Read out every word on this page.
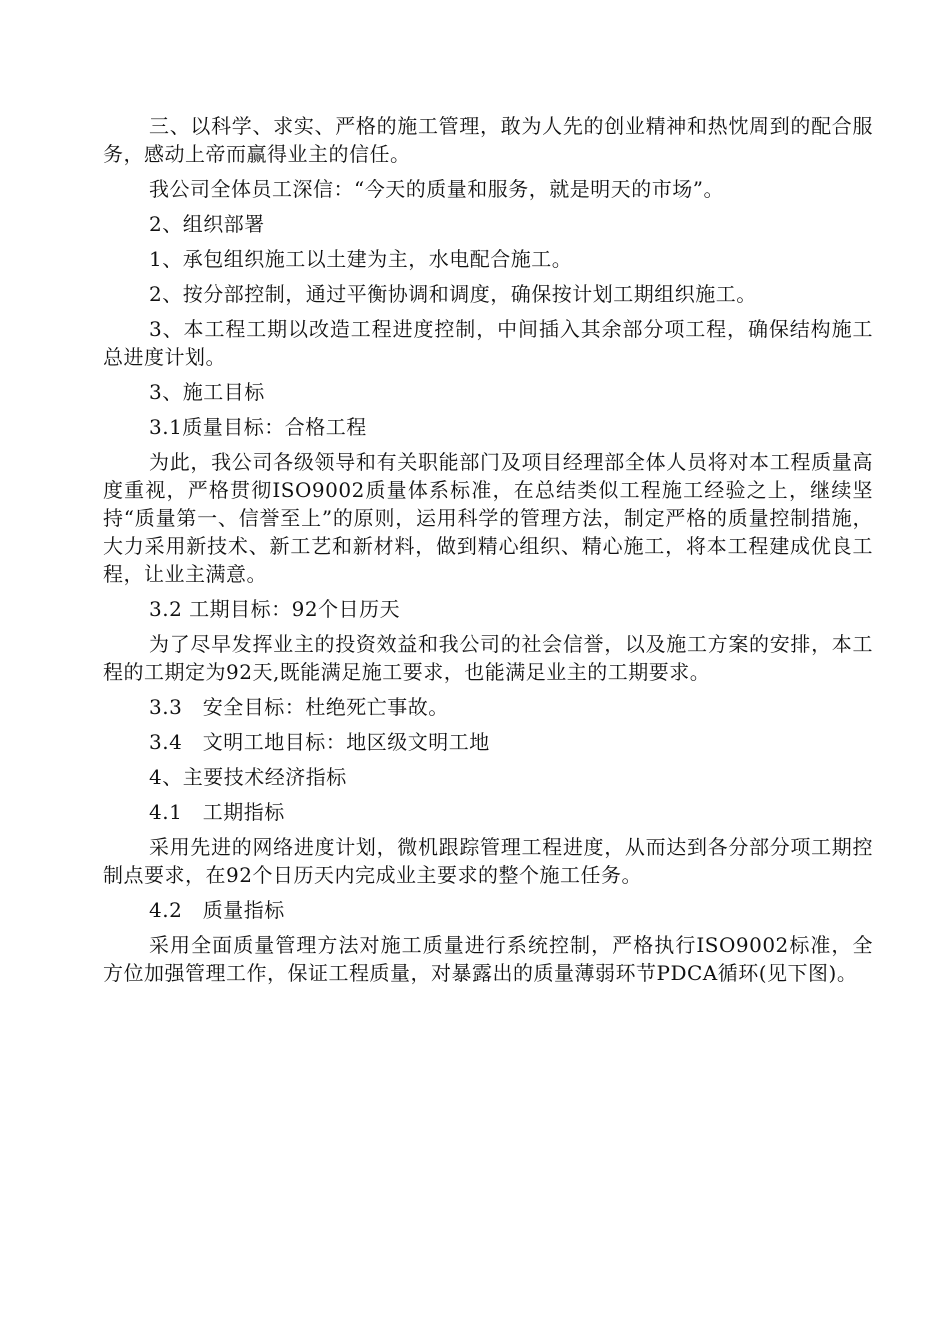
三、以科学、求实、严格的施工管理，敢为人先的创业精神和热忱周到的配合服务，感动上帝而赢得业主的信任。

我公司全体员工深信：“今天的质量和服务，就是明天的市场”。

2、组织部署

1、承包组织施工以土建为主，水电配合施工。

2、按分部控制，通过平衡协调和调度，确保按计划工期组织施工。

3、本工程工期以改造工程进度控制，中间插入其余部分项工程，确保结构施工总进度计划。

3、施工目标

3.1质量目标：合格工程

为此，我公司各级领导和有关职能部门及项目经理部全体人员将对本工程质量高度重视，严格贯彻ISO9002质量体系标准，在总结类似工程施工经验之上，继续坚持“质量第一、信誉至上”的原则，运用科学的管理方法，制定严格的质量控制措施，大力采用新技术、新工艺和新材料，做到精心组织、精心施工，将本工程建成优良工程，让业主满意。

3.2 工期目标：92个日历天

为了尽早发挥业主的投资效益和我公司的社会信誉，以及施工方案的安排，本工程的工期定为92天,既能满足施工要求，也能满足业主的工期要求。

3.3　安全目标：杜绝死亡事故。

3.4　文明工地目标：地区级文明工地

4、主要技术经济指标

4.1　工期指标

采用先进的网络进度计划，微机跟踪管理工程进度，从而达到各分部分项工期控制点要求，在92个日历天内完成业主要求的整个施工任务。

4.2　质量指标

采用全面质量管理方法对施工质量进行系统控制，严格执行ISO9002标准，全方位加强管理工作，保证工程质量，对暴露出的质量薄弱环节PDCA循环(见下图)。
